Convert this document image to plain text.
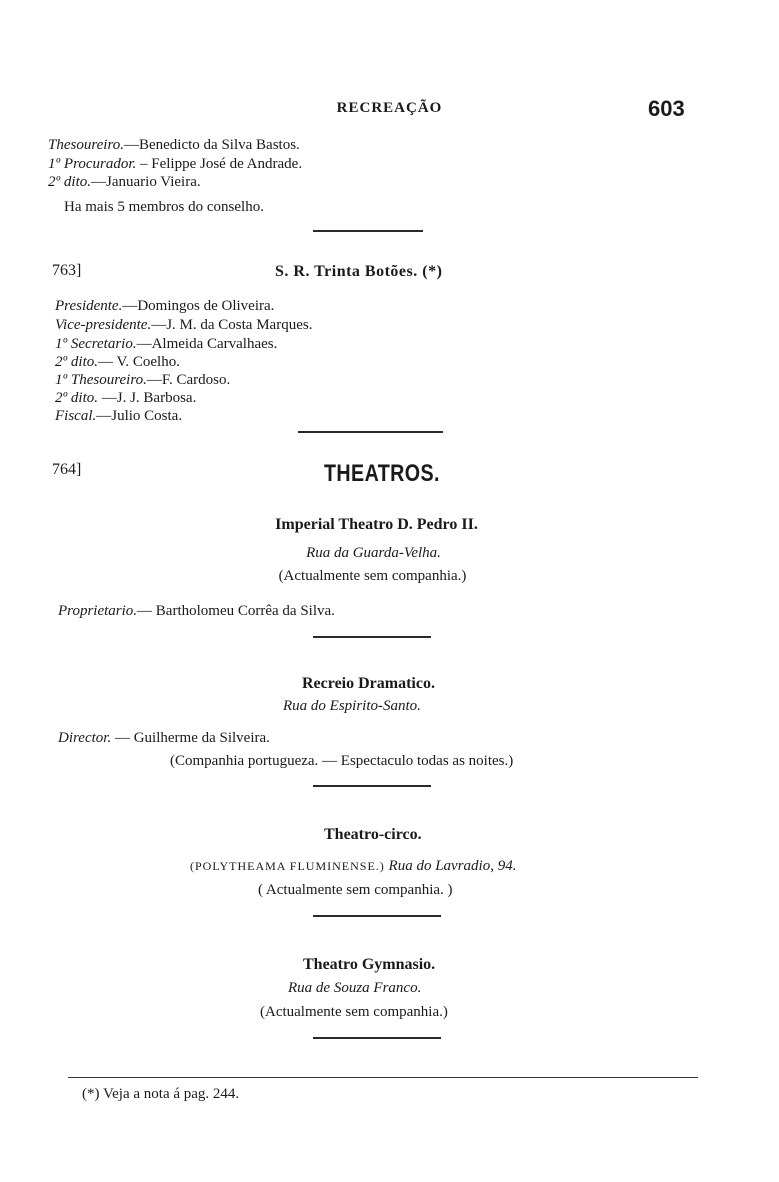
RECREAÇÃO	603
Thesoureiro.—Benedicto da Silva Bastos.
1º Procurador. – Felippe José de Andrade.
2º dito.—Januario Vieira.
Ha mais 5 membros do conselho.
763]	S. R. Trinta Botões. (*)
Presidente.—Domingos de Oliveira.
Vice-presidente.—J. M. da Costa Marques.
1º Secretario.—Almeida Carvalhaes.
2º dito.— V. Coelho.
1º Thesoureiro.—F. Cardoso.
2º dito. —J. J. Barbosa.
Fiscal.—Julio Costa.
764]	THEATROS.
Imperial Theatro D. Pedro II.
Rua da Guarda-Velha.
(Actualmente sem companhia.)
Proprietario.— Bartholomeu Corrêa da Silva.
Recreio Dramatico.
Rua do Espirito-Santo.
Director. — Guilherme da Silveira.
(Companhia portugueza. — Espectaculo todas as noites.)
Theatro-circo.
(POLYTHEAMA FLUMINENSE.) Rua do Lavradio, 94.
( Actualmente sem companhia. )
Theatro Gymnasio.
Rua de Souza Franco.
(Actualmente sem companhia.)
(*) Veja a nota á pag. 244.
